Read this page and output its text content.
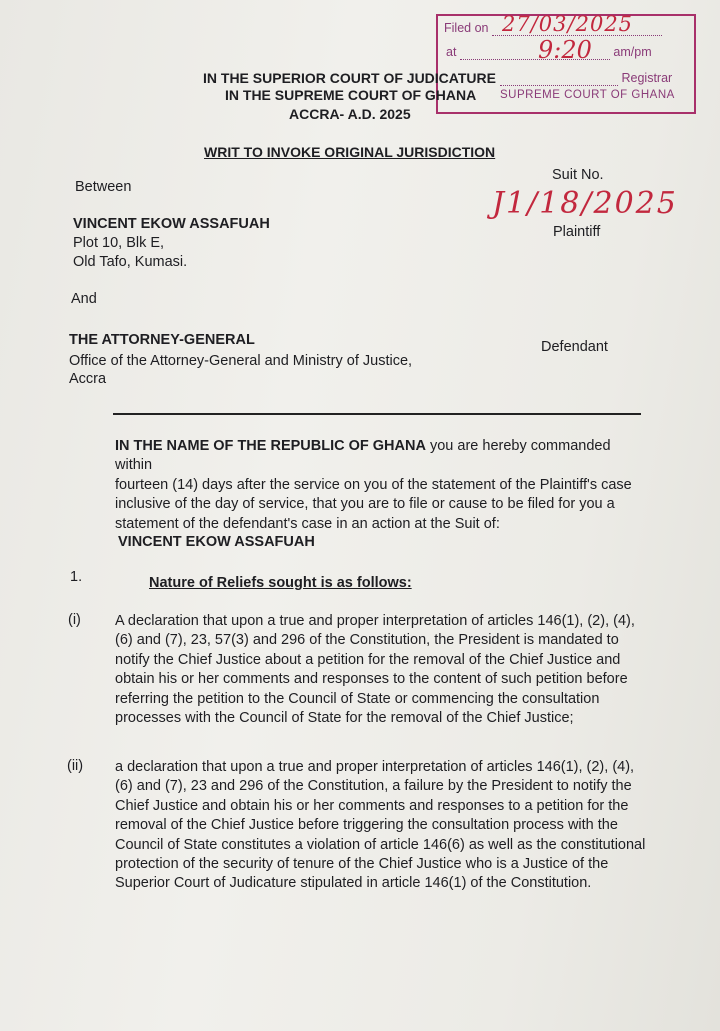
Filed on
at	am/pm
Registrar
SUPREME COURT OF GHANA
27/03/2025
9:20
IN THE SUPERIOR COURT OF JUDICATURE
IN THE SUPREME COURT OF GHANA
ACCRA- A.D. 2025
WRIT TO INVOKE ORIGINAL JURISDICTION
Suit No.
J1/18/2025
Between
VINCENT EKOW ASSAFUAH
Plot 10, Blk E,
Old Tafo, Kumasi.
Plaintiff
And
THE ATTORNEY-GENERAL
Office of the Attorney-General and Ministry of Justice,
Accra
Defendant
IN THE NAME OF THE REPUBLIC OF GHANA you are hereby commanded within
fourteen (14) days after the service on you of the statement of the Plaintiff's case
inclusive of the day of service, that you are to file or cause to be filed for you a
statement of the defendant's case in an action at the Suit of:
VINCENT EKOW ASSAFUAH
1.	Nature of Reliefs sought is as follows:
(i) A declaration that upon a true and proper interpretation of articles 146(1), (2), (4),
(6) and (7), 23, 57(3) and 296 of the Constitution, the President is mandated to
notify the Chief Justice about a petition for the removal of the Chief Justice and
obtain his or her comments and responses to the content of such petition before
referring the petition to the Council of State or commencing the consultation
processes with the Council of State for the removal of the Chief Justice;
(ii) a declaration that upon a true and proper interpretation of articles 146(1), (2), (4),
(6) and (7), 23 and 296 of the Constitution, a failure by the President to notify the
Chief Justice and obtain his or her comments and responses to a petition for the
removal of the Chief Justice before triggering the consultation process with the
Council of State constitutes a violation of article 146(6) as well as the constitutional
protection of the security of tenure of the Chief Justice who is a Justice of the
Superior Court of Judicature stipulated in article 146(1) of the Constitution.
